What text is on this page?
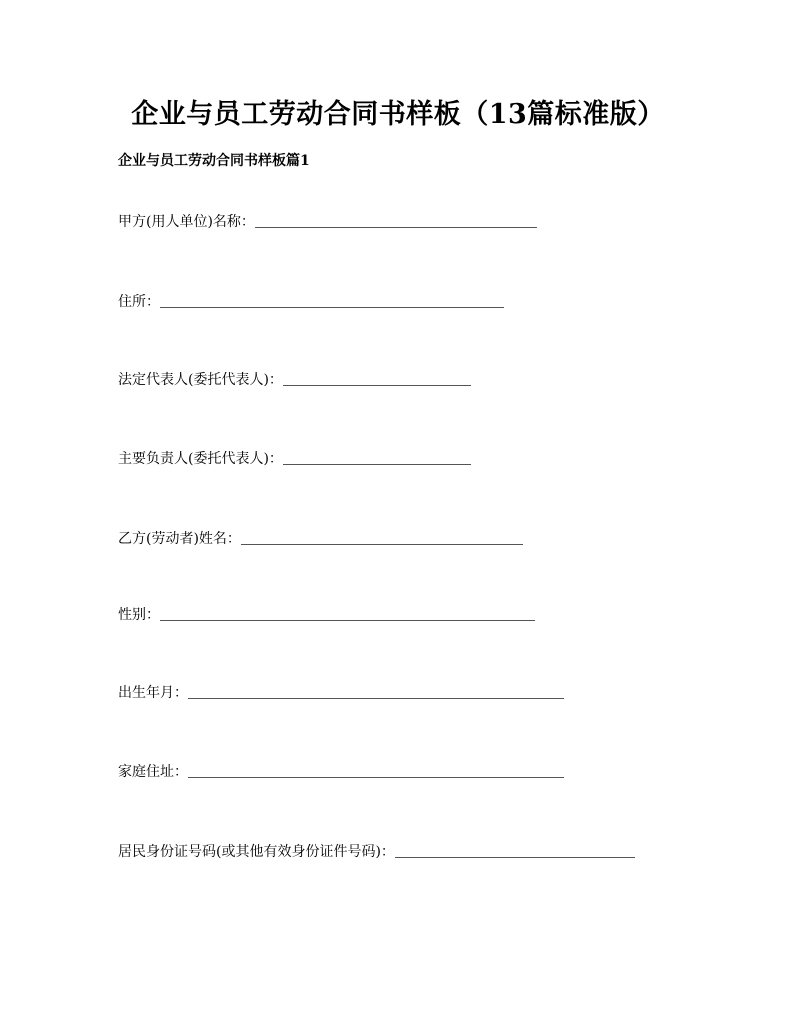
企业与员工劳动合同书样板（13篇标准版）
企业与员工劳动合同书样板篇1
甲方(用人单位)名称：
住所：
法定代表人(委托代表人)：
主要负责人(委托代表人)：
乙方(劳动者)姓名：
性别：
出生年月：
家庭住址：
居民身份证号码(或其他有效身份证件号码)：
